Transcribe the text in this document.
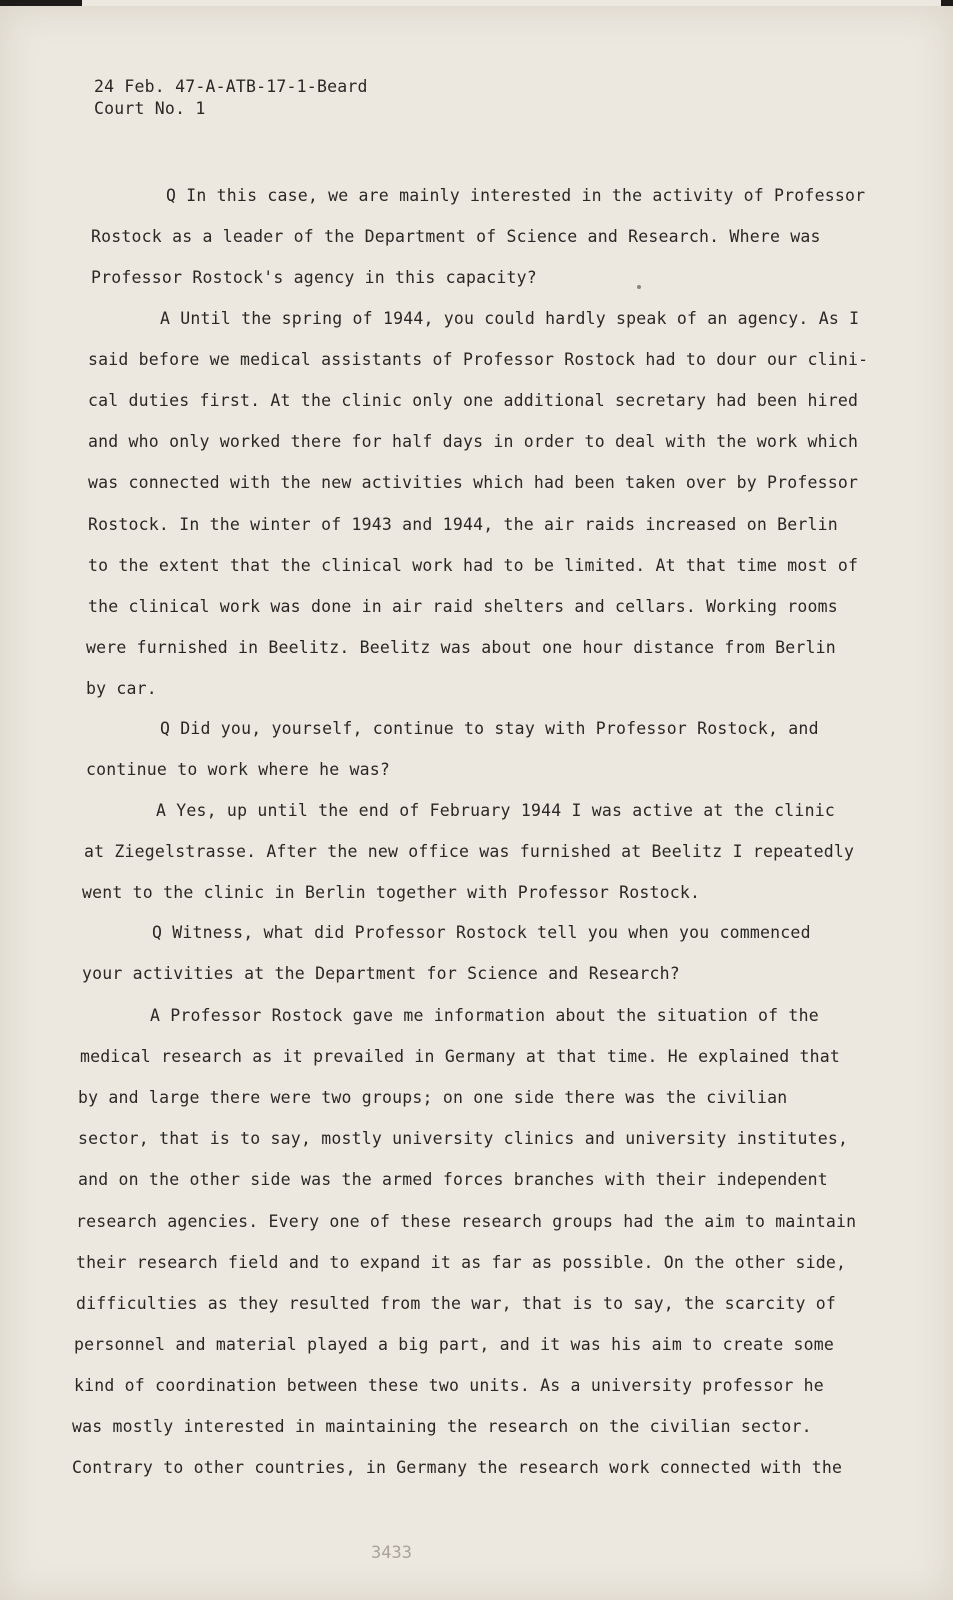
24 Feb. 47-A-ATB-17-1-Beard
Court No. 1
Q In this case, we are mainly interested in the activity of Professor
Rostock as a leader of the Department of Science and Research. Where was
Professor Rostock's agency in this capacity?
A Until the spring of 1944, you could hardly speak of an agency. As I
said before we medical assistants of Professor Rostock had to dour our clini-
cal duties first. At the clinic only one additional secretary had been hired
and who only worked there for half days in order to deal with the work which
was connected with the new activities which had been taken over by Professor
Rostock. In the winter of 1943 and 1944, the air raids increased on Berlin
to the extent that the clinical work had to be limited. At that time most of
the clinical work was done in air raid shelters and cellars. Working rooms
were furnished in Beelitz. Beelitz was about one hour distance from Berlin
by car.
Q Did you, yourself, continue to stay with Professor Rostock, and
continue to work where he was?
A Yes, up until the end of February 1944 I was active at the clinic
at Ziegelstrasse. After the new office was furnished at Beelitz I repeatedly
went to the clinic in Berlin together with Professor Rostock.
Q Witness, what did Professor Rostock tell you when you commenced
your activities at the Department for Science and Research?
A Professor Rostock gave me information about the situation of the
medical research as it prevailed in Germany at that time. He explained that
by and large there were two groups; on one side there was the civilian
sector, that is to say, mostly university clinics and university institutes,
and on the other side was the armed forces branches with their independent
research agencies. Every one of these research groups had the aim to maintain
their research field and to expand it as far as possible. On the other side,
difficulties as they resulted from the war, that is to say, the scarcity of
personnel and material played a big part, and it was his aim to create some
kind of coordination between these two units. As a university professor he
was mostly interested in maintaining the research on the civilian sector.
Contrary to other countries, in Germany the research work connected with the
3433
